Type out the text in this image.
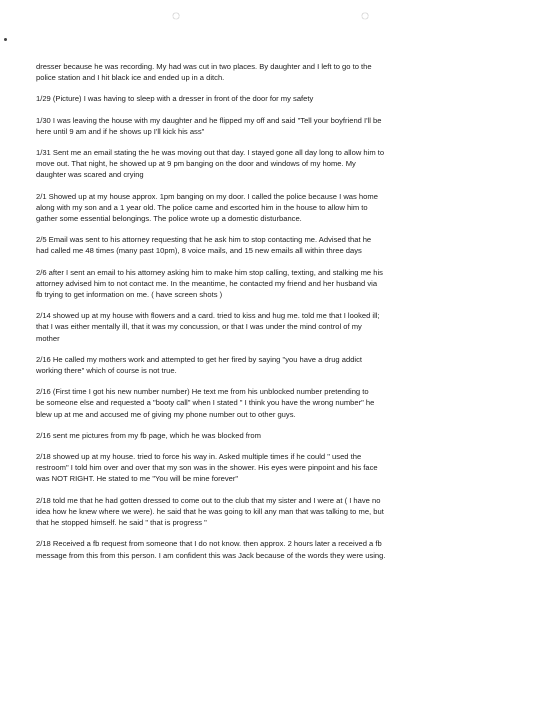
◌	◌

dresser because he was recording. My had was cut in two places. By daughter and I left to go to the
police station and I hit black ice and ended up in a ditch.

1/29 (Picture) I was having to sleep with a dresser in front of the door for my safety

1/30 I was leaving the house with my daughter and he flipped my off and said "Tell your boyfriend I'll be
here until 9 am and if he shows up I'll kick his ass"

1/31 Sent me an email stating the he was moving out that day. I stayed gone all day long to allow him to
move out. That night, he showed up at 9 pm banging on the door and windows of my home. My
daughter was scared and crying

2/1 Showed up at my house approx. 1pm banging on my door. I called the police because I was home
along with my son and a 1 year old. The police came and escorted him in the house to allow him to
gather some essential belongings. The police wrote up a domestic disturbance.

2/5 Email was sent to his attorney requesting that he ask him to stop contacting me. Advised that he
had called me 48 times (many past 10pm), 8 voice mails, and 15 new emails all within three days

2/6 after I sent an email to his attorney asking him to make him stop calling, texting, and stalking me his
attorney advised him to not contact me. In the meantime, he contacted my friend and her husband via
fb trying to get information on me. ( have screen shots )

2/14 showed up at my house with flowers and a card. tried to kiss and hug me. told me that I looked ill;
that I was either mentally ill, that it was my concussion, or that I was under the mind control of my
mother

2/16 He called my mothers work and attempted to get her fired by saying "you have a drug addict
working there" which of course is not true.

2/16 (First time I got his new number number) He text me from his unblocked number pretending to
be someone else and requested a "booty call" when I stated " I think you have the wrong number" he
blew up at me and accused me of giving my phone number out to other guys.

2/16 sent me pictures from my fb page, which he was blocked from

2/18 showed up at my house. tried to force his way in. Asked multiple times if he could " used the
restroom" I told him over and over that my son was in the shower. His eyes were pinpoint and his face
was NOT RIGHT. He stated to me "You will be mine forever"

2/18 told me that he had gotten dressed to come out to the club that my sister and I were at ( I have no
idea how he knew where we were). he said that he was going to kill any man that was talking to me, but
that he stopped himself. he said " that is progress "

2/18 Received a fb request from someone that I do not know. then approx. 2 hours later a received a fb
message from this from this person. I am confident this was Jack because of the words they were using.
